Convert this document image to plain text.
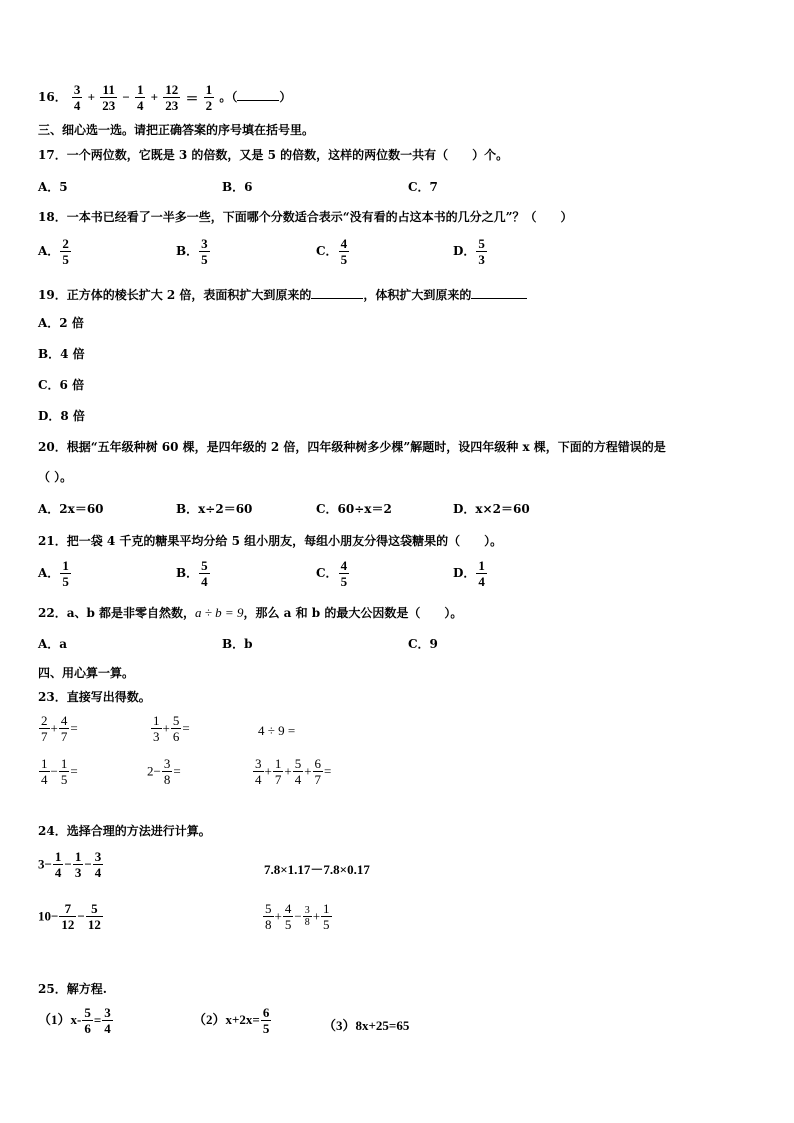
16． $\frac{3}{4} + \frac{11}{23} - \frac{1}{4} + \frac{12}{23} = \frac{1}{2}$ 。（	）
三、细心选一选。请把正确答案的序号填在括号里。
17．一个两位数，它既是 3 的倍数，又是 5 的倍数，这样的两位数一共有（　　）个。
A．5	B．6	C．7
18．一本书已经看了一半多一些，下面哪个分数适合表示“没有看的占这本书的几分之几”？（　　）
A． $\frac{2}{5}$	B． $\frac{3}{5}$	C． $\frac{4}{5}$	D． $\frac{5}{3}$
19．正方体的棱长扩大 2 倍，表面积扩大到原来的	，体积扩大到原来的
A．2 倍
B．4 倍
C．6 倍
D．8 倍
20．根据“五年级种树 60 棵，是四年级的 2 倍，四年级种树多少棵”解题时，设四年级种 x 棵，下面的方程错误的是
（ ）。
A．2x＝60	B．x÷2＝60	C．60÷x＝2	D．x×2＝60
21．把一袋 4 千克的糖果平均分给 5 组小朋友，每组小朋友分得这袋糖果的（　　）。
A． $\frac{1}{5}$	B． $\frac{5}{4}$	C． $\frac{4}{5}$	D． $\frac{1}{4}$
22．a、b 都是非零自然数，a ÷ b = 9，那么 a 和 b 的最大公因数是（　　）。
A．a	B．b	C．9
四、用心算一算。
23．直接写出得数。
$\frac{2}{7} + \frac{4}{7}$ =	$\frac{1}{3} + \frac{5}{6}$ =	4 ÷ 9 =
$\frac{1}{4} - \frac{1}{5}$ =	$2- \frac{3}{8}$ =	$\frac{3}{4} + \frac{1}{7} + \frac{5}{4} + \frac{6}{7}$ =
24．选择合理的方法进行计算。
$3- \frac{1}{4} - \frac{1}{3} - \frac{3}{4}$	7.8×1.17－7.8×0.17
$10- \frac{7}{12} - \frac{5}{12}$	$\frac{5}{8} + \frac{4}{5} - \frac{3}{8} + \frac{1}{5}$
25．解方程.
$(1)x- \frac{5}{6} = \frac{3}{4}$	$(2)x+2x= \frac{6}{5}$	（3）8x+25=65
